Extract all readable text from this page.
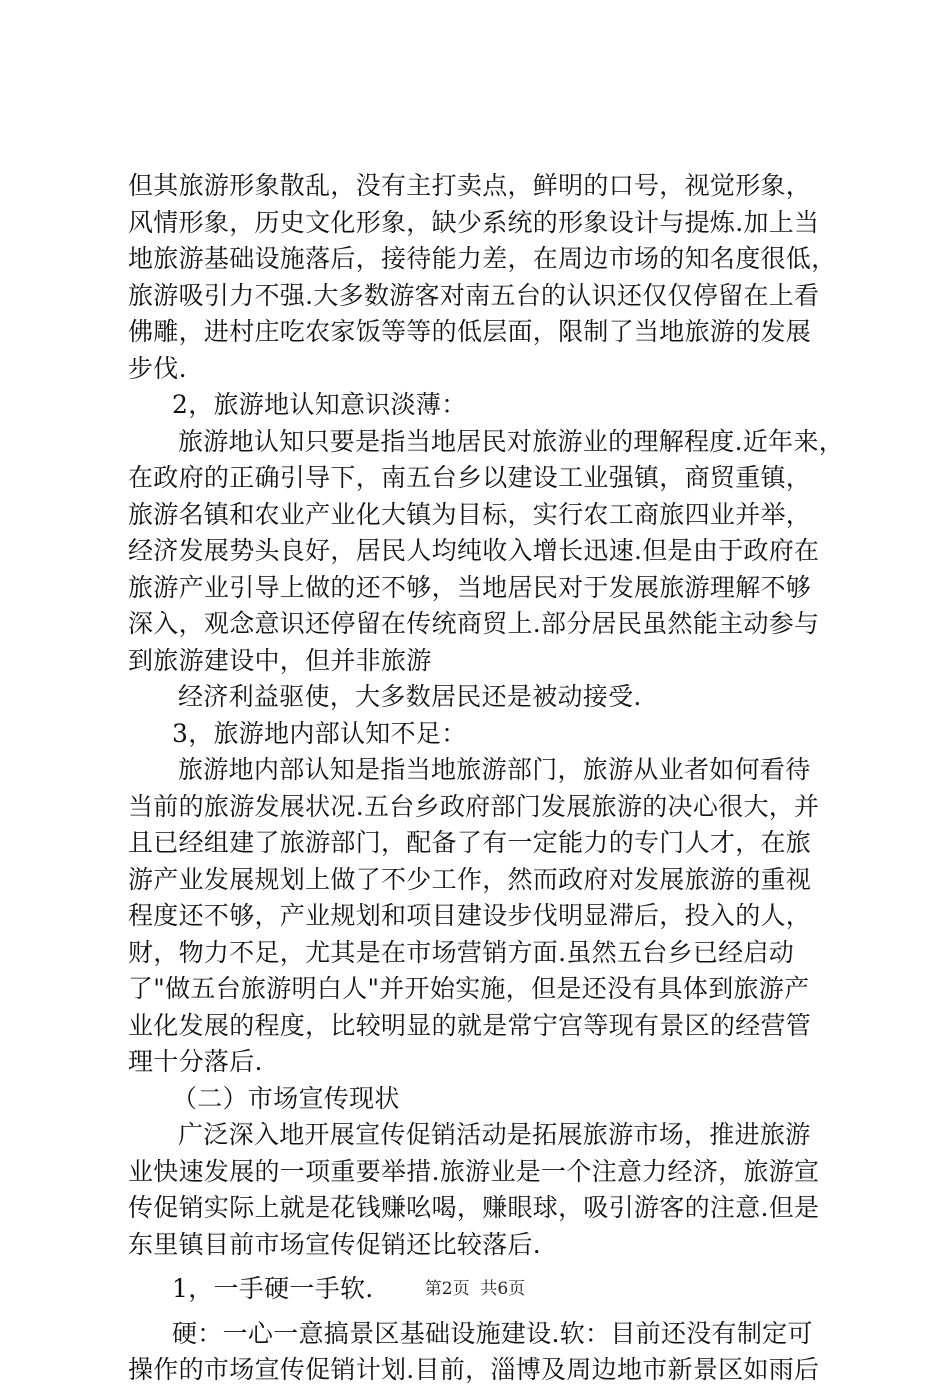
但其旅游形象散乱，没有主打卖点，鲜明的口号，视觉形象，
风情形象，历史文化形象，缺少系统的形象设计与提炼.加上当
地旅游基础设施落后，接待能力差，在周边市场的知名度很低，
旅游吸引力不强.大多数游客对南五台的认识还仅仅停留在上看
佛雕，进村庄吃农家饭等等的低层面，限制了当地旅游的发展
步伐.
2，旅游地认知意识淡薄：
旅游地认知只要是指当地居民对旅游业的理解程度.近年来，
在政府的正确引导下，南五台乡以建设工业强镇，商贸重镇，
旅游名镇和农业产业化大镇为目标，实行农工商旅四业并举，
经济发展势头良好，居民人均纯收入增长迅速.但是由于政府在
旅游产业引导上做的还不够，当地居民对于发展旅游理解不够
深入，观念意识还停留在传统商贸上.部分居民虽然能主动参与
到旅游建设中，但并非旅游
经济利益驱使，大多数居民还是被动接受.
3，旅游地内部认知不足：
旅游地内部认知是指当地旅游部门，旅游从业者如何看待
当前的旅游发展状况.五台乡政府部门发展旅游的决心很大，并
且已经组建了旅游部门，配备了有一定能力的专门人才，在旅
游产业发展规划上做了不少工作，然而政府对发展旅游的重视
程度还不够，产业规划和项目建设步伐明显滞后，投入的人，
财，物力不足，尤其是在市场营销方面.虽然五台乡已经启动
了"做五台旅游明白人"并开始实施，但是还没有具体到旅游产
业化发展的程度，比较明显的就是常宁宫等现有景区的经营管
理十分落后.
（二）市场宣传现状
广泛深入地开展宣传促销活动是拓展旅游市场，推进旅游
业快速发展的一项重要举措.旅游业是一个注意力经济，旅游宣
传促销实际上就是花钱赚吆喝，赚眼球，吸引游客的注意.但是
东里镇目前市场宣传促销还比较落后.
1，一手硬一手软.
硬：一心一意搞景区基础设施建设.软：目前还没有制定可
操作的市场宣传促销计划.目前，淄博及周边地市新景区如雨后
第2页 共6页
